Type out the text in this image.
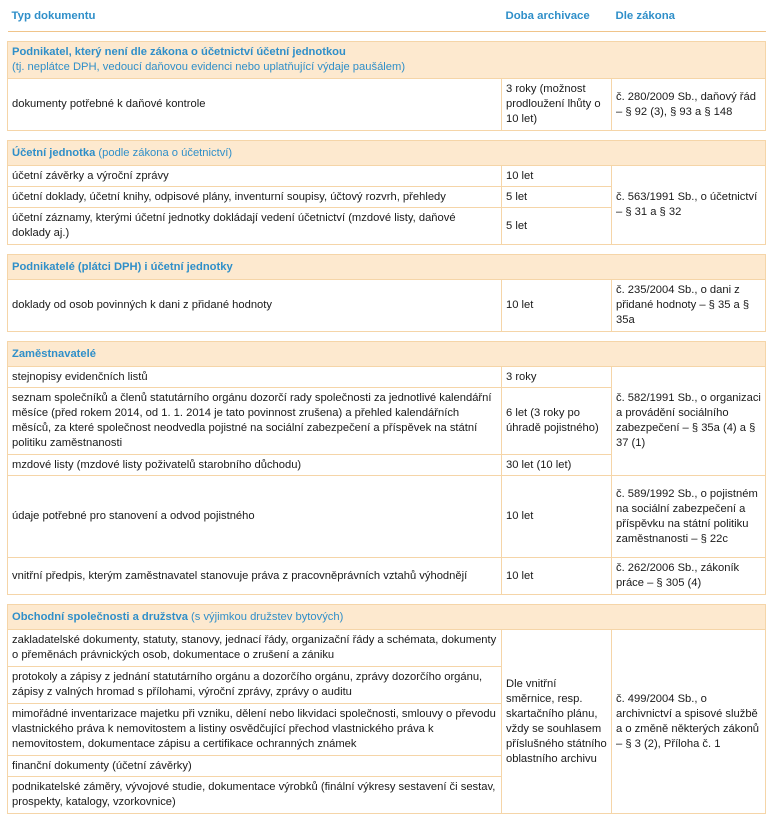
Typ dokumentu	Doba archivace	Dle zákona

Podnikatel, který není dle zákona o účetnictví účetní jednotkou
(tj. neplátce DPH, vedoucí daňovou evidenci nebo uplatňující výdaje paušálem)		

dokumenty potřebné k daňové kontrole	3 roky (možnost prodloužení lhůty o 10 let)	č. 280/2009 Sb., daňový řád – § 92 (3), § 93 a § 148

Účetní jednotka (podle zákona o účetnictví)		
účetní závěrky a výroční zprávy	10 let	č. 563/1991 Sb., o účetnictví – § 31 a § 32
účetní doklady, účetní knihy, odpisové plány, inventurní soupisy, účtový rozvrh, přehledy	5 let	
účetní záznamy, kterými účetní jednotky dokládají vedení účetnictví (mzdové listy, daňové doklady aj.)	5 let	

Podnikatelé (plátci DPH) i účetní jednotky		
doklady od osob povinných k dani z přidané hodnoty	10 let	č. 235/2004 Sb., o dani z přidané hodnoty – § 35 a § 35a

Zaměstnavatelé		
stejnopisy evidenčních listů	3 roky	č. 582/1991 Sb., o organizaci a provádění sociálního zabezpečení – § 35a (4) a § 37 (1)
seznam společníků a členů statutárního orgánu dozorčí rady společnosti za jednotlivé kalendářní měsíce (před rokem 2014, od 1. 1. 2014 je tato povinnost zrušena) a přehled kalendářních měsíců, za které společnost neodvedla pojistné na sociální zabezpečení a příspěvek na státní politiku zaměstnanosti	6 let (3 roky po úhradě pojistného)	
mzdové listy (mzdové listy poživatelů starobního důchodu)	30 let (10 let)	
údaje potřebné pro stanovení a odvod pojistného	10 let	č. 589/1992 Sb., o pojistném na sociální zabezpečení a příspěvku na státní politiku zaměstnanosti – § 22c
vnitřní předpis, kterým zaměstnavatel stanovuje práva z pracovněprávních vztahů výhodnějí	10 let	č. 262/2006 Sb., zákoník práce – § 305 (4)

Obchodní společnosti a družstva (s výjimkou družstev bytových)		
zakladatelské dokumenty, statuty, stanovy, jednací řády, organizační řády a schémata, dokumenty o přeměnách právnických osob, dokumentace o zrušení a zániku	Dle vnitřní směrnice, resp. skartačního plánu, vždy se souhlasem příslušného státního oblastního archivu	č. 499/2004 Sb., o archivnictví a spisové službě a o změně některých zákonů – § 3 (2), Příloha č. 1
protokoly a zápisy z jednání statutárního orgánu a dozorčího orgánu, zprávy dozorčího orgánu, zápisy z valných hromad s přílohami, výroční zprávy, zprávy o auditu		
mimořádné inventarizace majetku při vzniku, dělení nebo likvidaci společnosti, smlouvy o převodu vlastnického práva k nemovitostem a listiny osvědčující přechod vlastnického práva k nemovitostem, dokumentace zápisu a certifikace ochranných známek		
finanční dokumenty (účetní závěrky)		
podnikatelské záměry, vývojové studie, dokumentace výrobků (finální výkresy sestavení či sestav, prospekty, katalogy, vzorkovnice)		
